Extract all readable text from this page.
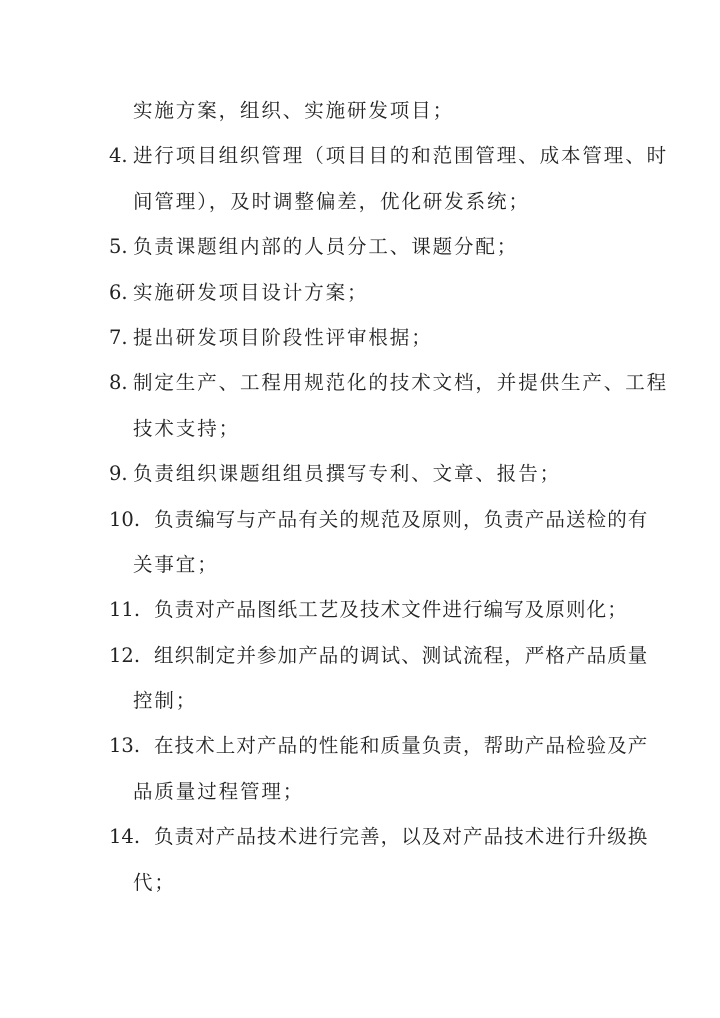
实施方案，组织、实施研发项目；
4. 进行项目组织管理（项目目的和范围管理、成本管理、时
间管理），及时调整偏差，优化研发系统；
5. 负责课题组内部的人员分工、课题分配；
6. 实施研发项目设计方案；
7. 提出研发项目阶段性评审根据；
8. 制定生产、工程用规范化的技术文档，并提供生产、工程
技术支持；
9. 负责组织课题组组员撰写专利、文章、报告；
10. 负责编写与产品有关的规范及原则，负责产品送检的有
关事宜；
11. 负责对产品图纸工艺及技术文件进行编写及原则化；
12. 组织制定并参加产品的调试、测试流程，严格产品质量
控制；
13. 在技术上对产品的性能和质量负责，帮助产品检验及产
品质量过程管理；
14. 负责对产品技术进行完善，以及对产品技术进行升级换
代；
